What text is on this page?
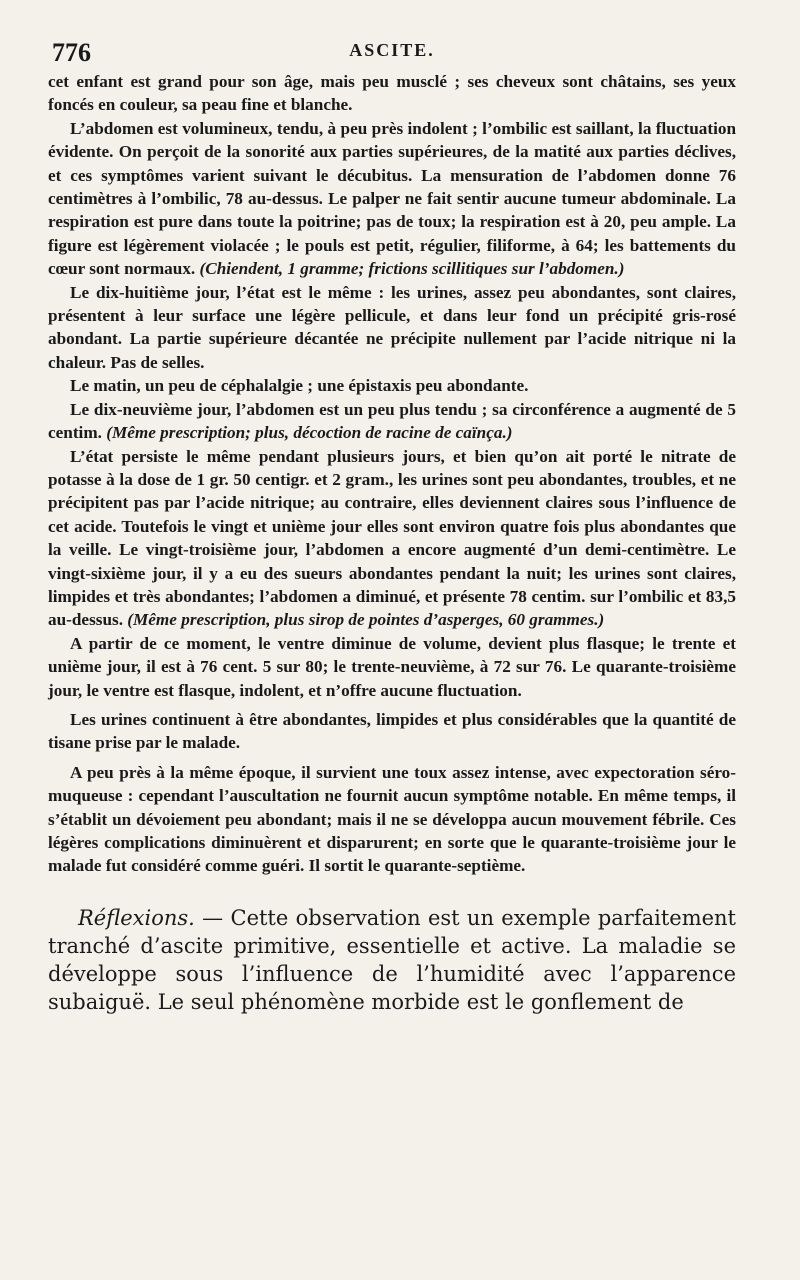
776	ASCITE.

cet enfant est grand pour son âge, mais peu musclé ; ses cheveux sont châtains, ses yeux foncés en couleur, sa peau fine et blanche.

L’abdomen est volumineux, tendu, à peu près indolent ; l’ombilic est saillant, la fluctuation évidente. On perçoit de la sonorité aux parties supérieures, de la matité aux parties déclives, et ces symptômes varient suivant le décubitus. La mensuration de l’abdomen donne 76 centimètres à l’ombilic, 78 au-dessus. Le palper ne fait sentir aucune tumeur abdominale. La respiration est pure dans toute la poitrine; pas de toux; la respiration est à 20, peu ample. La figure est légèrement violacée ; le pouls est petit, régulier, filiforme, à 64; les battements du cœur sont normaux. (Chiendent, 1 gramme; frictions scillitiques sur l’abdomen.)

Le dix-huitième jour, l’état est le même : les urines, assez peu abondantes, sont claires, présentent à leur surface une légère pellicule, et dans leur fond un précipité gris-rosé abondant. La partie supérieure décantée ne précipite nullement par l’acide nitrique ni la chaleur. Pas de selles.

Le matin, un peu de céphalalgie ; une épistaxis peu abondante.

Le dix-neuvième jour, l’abdomen est un peu plus tendu ; sa circonférence a augmenté de 5 centim. (Même prescription; plus, décoction de racine de caïnça.)

L’état persiste le même pendant plusieurs jours, et bien qu’on ait porté le nitrate de potasse à la dose de 1 gr. 50 centigr. et 2 gram., les urines sont peu abondantes, troubles, et ne précipitent pas par l’acide nitrique; au contraire, elles deviennent claires sous l’influence de cet acide. Toutefois le vingt et unième jour elles sont environ quatre fois plus abondantes que la veille. Le vingt-troisième jour, l’abdomen a encore augmenté d’un demi-centimètre. Le vingt-sixième jour, il y a eu des sueurs abondantes pendant la nuit; les urines sont claires, limpides et très abondantes; l’abdomen a diminué, et présente 78 centim. sur l’ombilic et 83,5 au-dessus. (Même prescription, plus sirop de pointes d’asperges, 60 grammes.)

A partir de ce moment, le ventre diminue de volume, devient plus flasque; le trente et unième jour, il est à 76 cent. 5 sur 80; le trente-neuvième, à 72 sur 76. Le quarante-troisième jour, le ventre est flasque, indolent, et n’offre aucune fluctuation.

Les urines continuent à être abondantes, limpides et plus considérables que la quantité de tisane prise par le malade.

A peu près à la même époque, il survient une toux assez intense, avec expectoration séro-muqueuse : cependant l’auscultation ne fournit aucun symptôme notable. En même temps, il s’établit un dévoiement peu abondant; mais il ne se développa aucun mouvement fébrile. Ces légères complications diminuèrent et disparurent; en sorte que le quarante-troisième jour le malade fut considéré comme guéri. Il sortit le quarante-septième.

Réflexions. — Cette observation est un exemple parfaitement tranché d’ascite primitive, essentielle et active. La maladie se développe sous l’influence de l’humidité avec l’apparence subaiguë. Le seul phénomène morbide est le gonflement de
